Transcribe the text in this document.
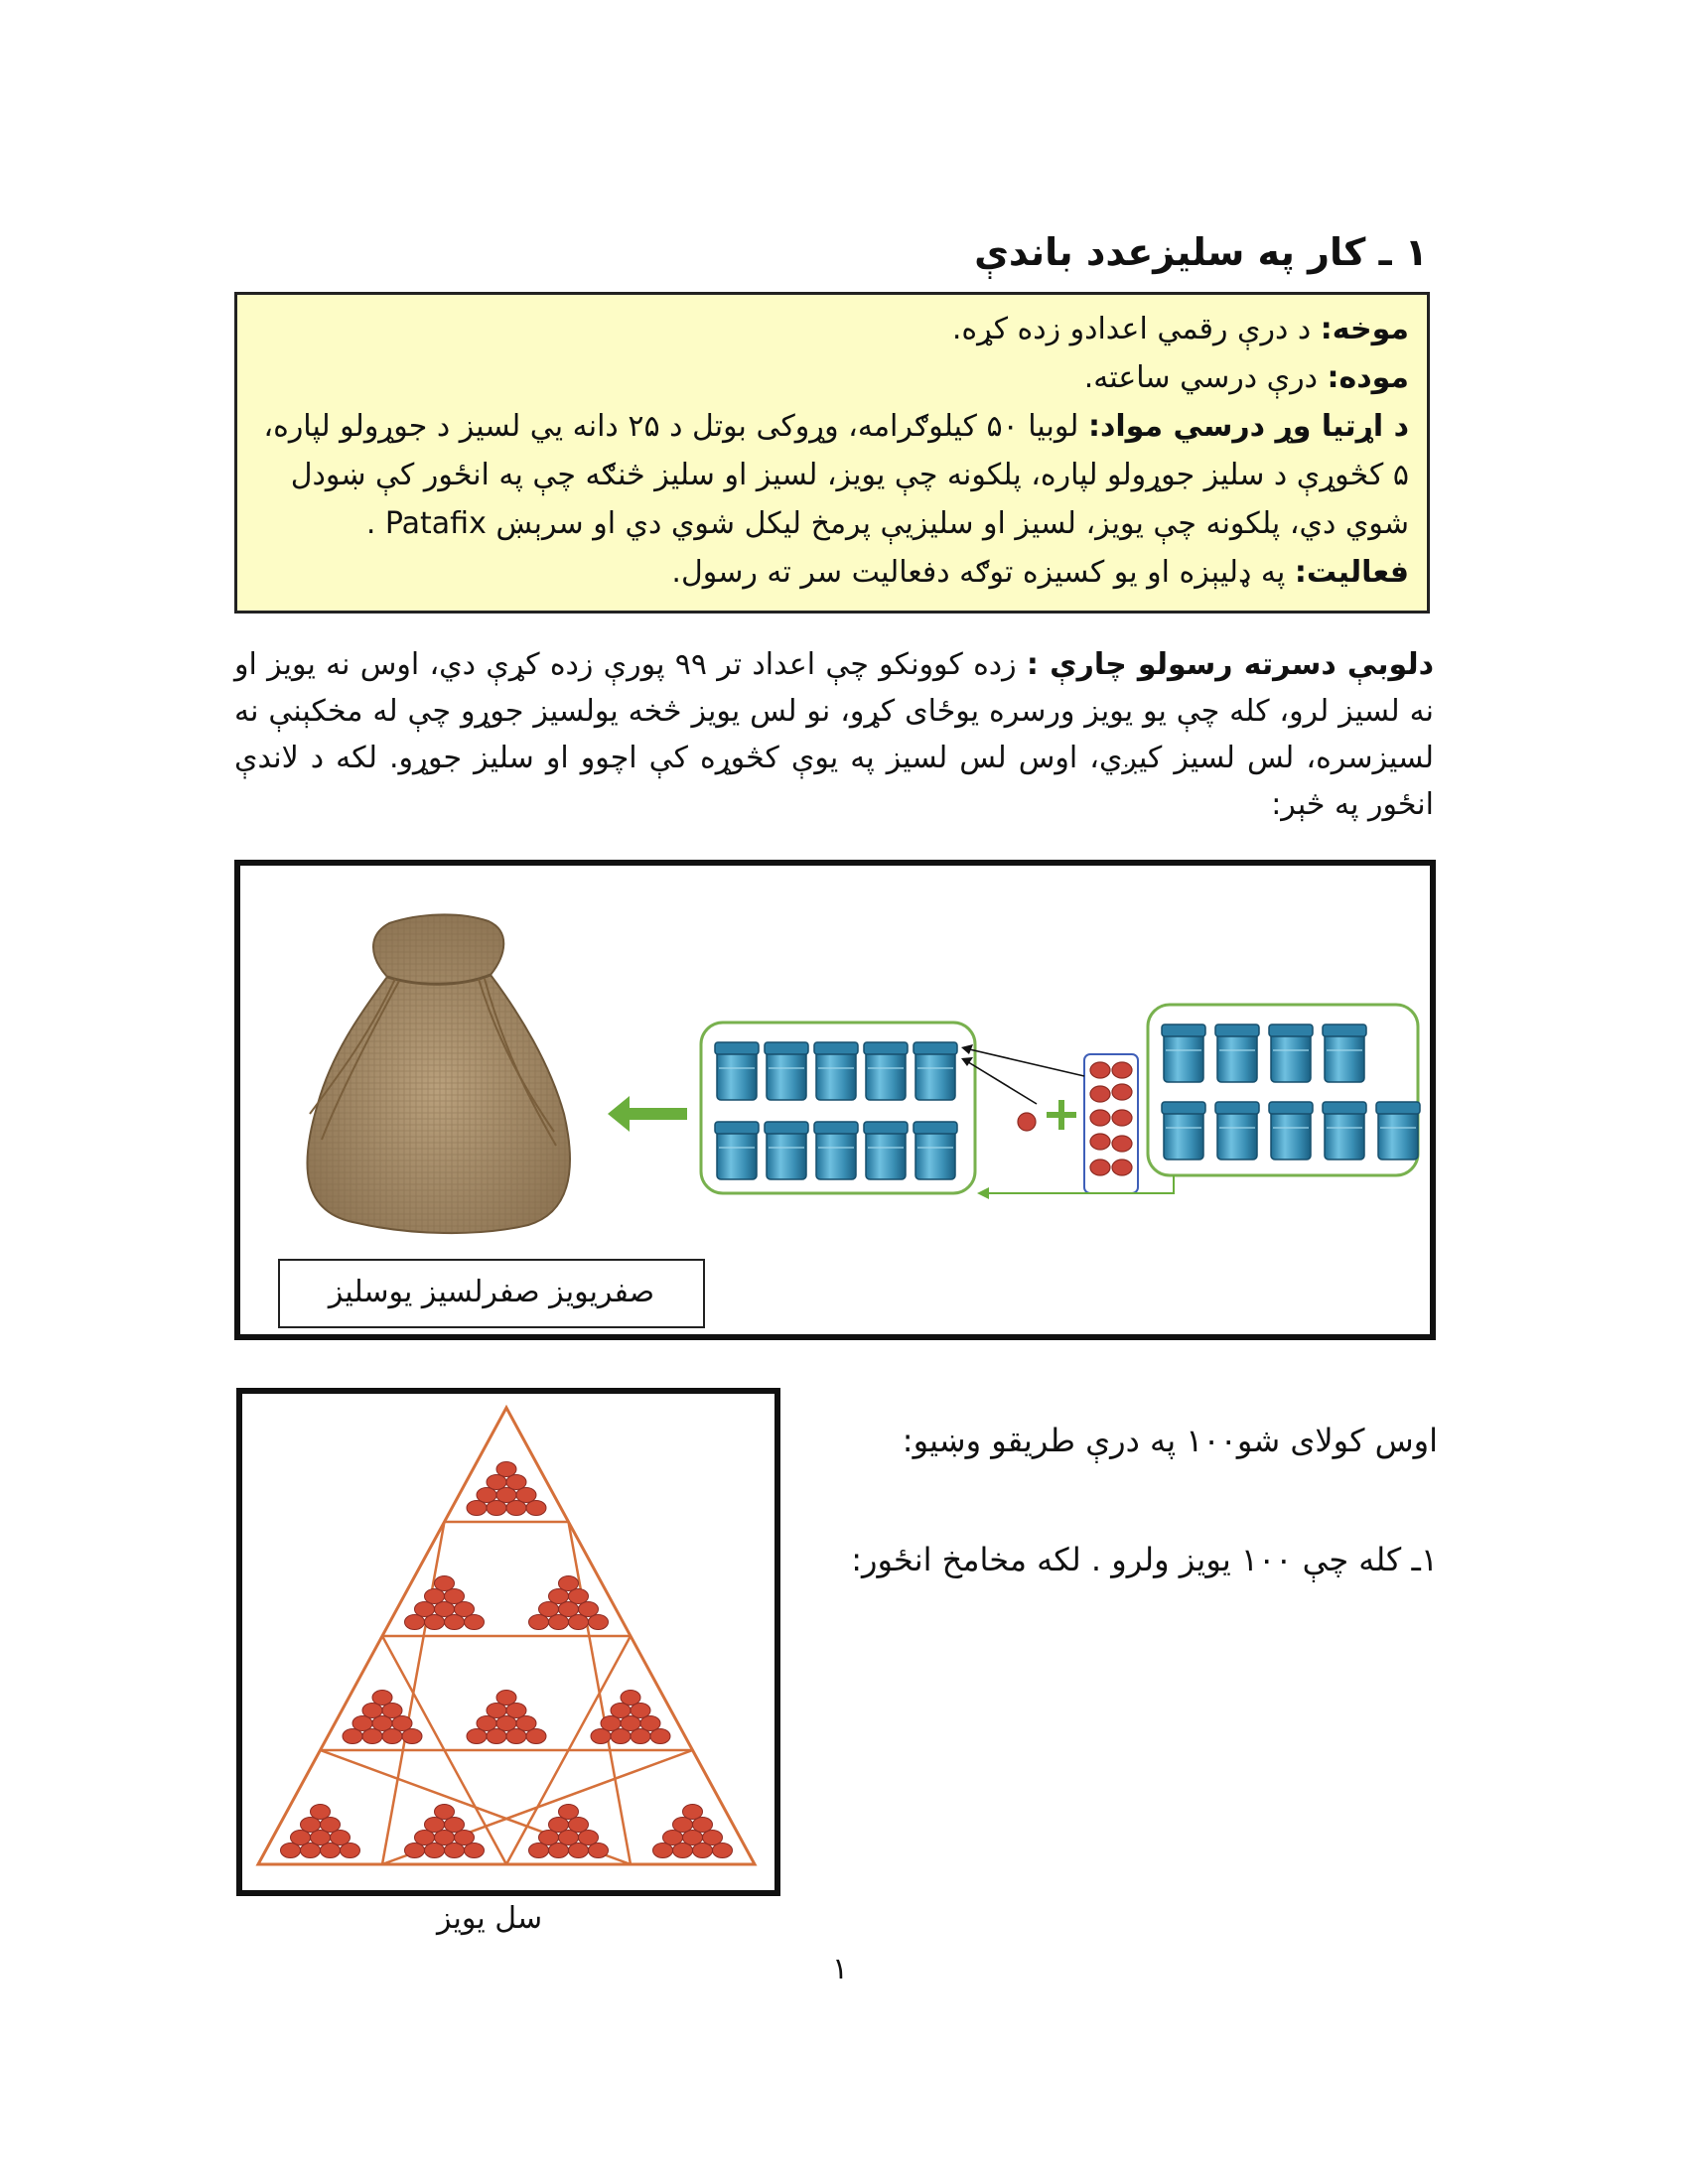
۱ ـ کار په سليزعدد باندې

موخه: د درې رقمي اعدادو زده کړه.

موده: درې درسي ساعته.

د اړتيا وړ درسي مواد: لوبيا ۵۰ کيلوګرامه، وړوکی بوتل د ۲۵ دانه يي لسيز د جوړولو لپاره، ۵ کڅوړې د سليز جوړولو لپاره، پلکونه چې يويز، لسيز او سليز څنګه چې په انځور کې ښودل شوي دي، پلکونه چې يويز، لسيز او سليزيې پرمخ ليکل شوي دي او سرېښ Patafix .

فعاليت: په ډليېزه او يو کسيزه توګه دفعاليت سر ته رسول.

دلوبې دسرته رسولو چارې : زده کوونکو چې اعداد تر ۹۹ پورې زده کړې دي، اوس نه يويز او نه لسيز لرو، کله چې يو يويز ورسره يوځای کړو، نو لس يويز څخه يولسيز جوړو چې له مخکېنې نه لسيزسره، لس لسيز کيږي، اوس لس لسيز په يوې کڅوړه کې اچوو او سليز جوړو. لکه د لاندې انځور په څېر:
صفريويز صفرلسيز يوسليز
سل يويز
اوس کولای شو۱۰۰ په درې طريقو وښيو:
۱ـ کله چې ۱۰۰ يويز ولرو . لکه مخامخ انځور:
۱
